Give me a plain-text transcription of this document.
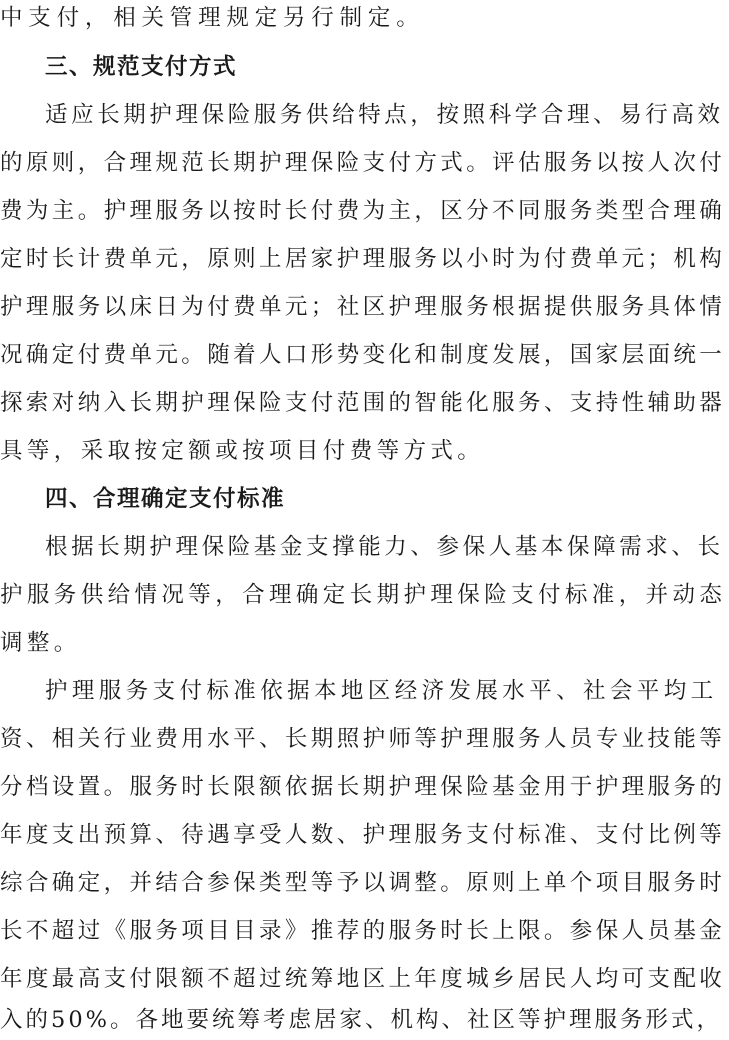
中支付，相关管理规定另行制定。
三、规范支付方式
适应长期护理保险服务供给特点，按照科学合理、易行高效
的原则，合理规范长期护理保险支付方式。评估服务以按人次付
费为主。护理服务以按时长付费为主，区分不同服务类型合理确
定时长计费单元，原则上居家护理服务以小时为付费单元；机构
护理服务以床日为付费单元；社区护理服务根据提供服务具体情
况确定付费单元。随着人口形势变化和制度发展，国家层面统一
探索对纳入长期护理保险支付范围的智能化服务、支持性辅助器
具等，采取按定额或按项目付费等方式。
四、合理确定支付标准
根据长期护理保险基金支撑能力、参保人基本保障需求、长
护服务供给情况等，合理确定长期护理保险支付标准，并动态
调整。
护理服务支付标准依据本地区经济发展水平、社会平均工
资、相关行业费用水平、长期照护师等护理服务人员专业技能等
分档设置。服务时长限额依据长期护理保险基金用于护理服务的
年度支出预算、待遇享受人数、护理服务支付标准、支付比例等
综合确定，并结合参保类型等予以调整。原则上单个项目服务时
长不超过《服务项目目录》推荐的服务时长上限。参保人员基金
年度最高支付限额不超过统筹地区上年度城乡居民人均可支配收
入的50%。各地要统筹考虑居家、机构、社区等护理服务形式，
